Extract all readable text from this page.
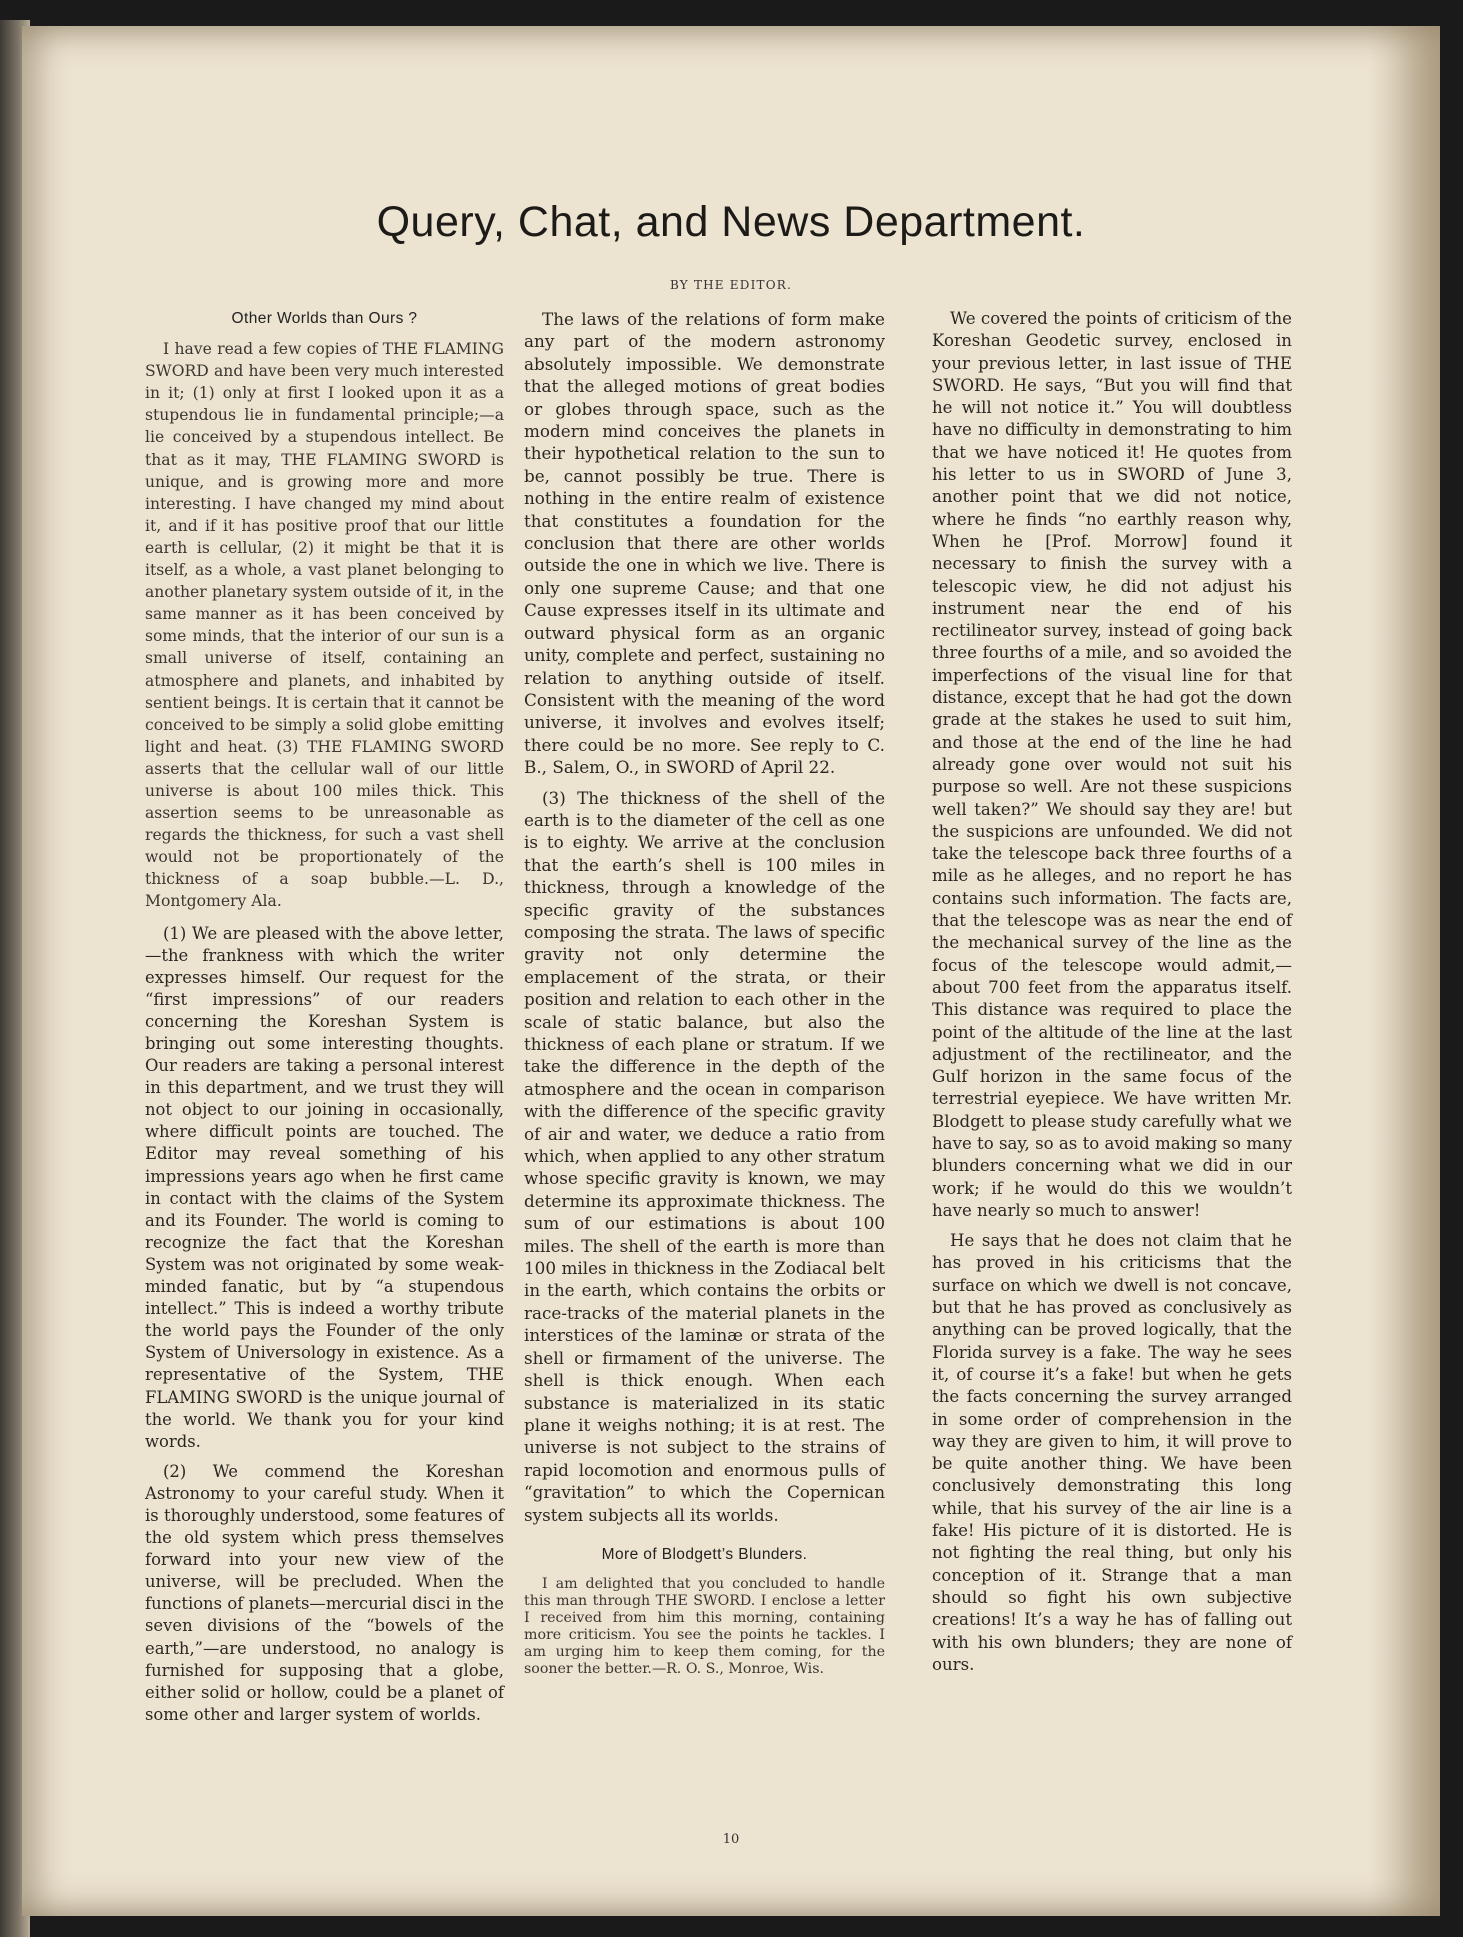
Query, Chat, and News Department.
BY THE EDITOR.
Other Worlds than Ours ?

I have read a few copies of THE FLAMING SWORD and have been very much interested in it; (1) only at first I looked upon it as a stupendous lie in fundamental principle;—a lie conceived by a stupendous intellect. Be that as it may, THE FLAMING SWORD is unique, and is growing more and more interesting. I have changed my mind about it, and if it has positive proof that our little earth is cellular, (2) it might be that it is itself, as a whole, a vast planet belonging to another planetary system outside of it, in the same manner as it has been conceived by some minds, that the interior of our sun is a small universe of itself, containing an atmosphere and planets, and inhabited by sentient beings. It is certain that it cannot be conceived to be simply a solid globe emitting light and heat. (3) THE FLAMING SWORD asserts that the cellular wall of our little universe is about 100 miles thick. This assertion seems to be unreasonable as regards the thickness, for such a vast shell would not be proportionately of the thickness of a soap bubble.—L. D., Montgomery Ala.

(1) We are pleased with the above letter, —the frankness with which the writer expresses himself. Our request for the “first impressions” of our readers concerning the Koreshan System is bringing out some interesting thoughts. Our readers are taking a personal interest in this department, and we trust they will not object to our joining in occasionally, where difficult points are touched. The Editor may reveal something of his impressions years ago when he first came in contact with the claims of the System and its Founder. The world is coming to recognize the fact that the Koreshan System was not originated by some weak-minded fanatic, but by “a stupendous intellect.” This is indeed a worthy tribute the world pays the Founder of the only System of Universology in existence. As a representative of the System, THE FLAMING SWORD is the unique journal of the world. We thank you for your kind words.

(2) We commend the Koreshan Astronomy to your careful study. When it is thoroughly understood, some features of the old system which press themselves forward into your new view of the universe, will be precluded. When the functions of planets—mercurial disci in the seven divisions of the “bowels of the earth,”—are understood, no analogy is furnished for supposing that a globe, either solid or hollow, could be a planet of some other and larger system of worlds.

The laws of the relations of form make any part of the modern astronomy absolutely impossible. We demonstrate that the alleged motions of great bodies or globes through space, such as the modern mind conceives the planets in their hypothetical relation to the sun to be, cannot possibly be true. There is nothing in the entire realm of existence that constitutes a foundation for the conclusion that there are other worlds outside the one in which we live. There is only one supreme Cause; and that one Cause expresses itself in its ultimate and outward physical form as an organic unity, complete and perfect, sustaining no relation to anything outside of itself. Consistent with the meaning of the word universe, it involves and evolves itself; there could be no more. See reply to C. B., Salem, O., in SWORD of April 22.

(3) The thickness of the shell of the earth is to the diameter of the cell as one is to eighty. We arrive at the conclusion that the earth’s shell is 100 miles in thickness, through a knowledge of the specific gravity of the substances composing the strata. The laws of specific gravity not only determine the emplacement of the strata, or their position and relation to each other in the scale of static balance, but also the thickness of each plane or stratum. If we take the difference in the depth of the atmosphere and the ocean in comparison with the difference of the specific gravity of air and water, we deduce a ratio from which, when applied to any other stratum whose specific gravity is known, we may determine its approximate thickness. The sum of our estimations is about 100 miles. The shell of the earth is more than 100 miles in thickness in the Zodiacal belt in the earth, which contains the orbits or race-tracks of the material planets in the interstices of the laminæ or strata of the shell or firmament of the universe. The shell is thick enough. When each substance is materialized in its static plane it weighs nothing; it is at rest. The universe is not subject to the strains of rapid locomotion and enormous pulls of “gravitation” to which the Copernican system subjects all its worlds.

More of Blodgett’s Blunders.

I am delighted that you concluded to handle this man through THE SWORD. I enclose a letter I received from him this morning, containing more criticism. You see the points he tackles. I am urging him to keep them coming, for the sooner the better.—R. O. S., Monroe, Wis.

We covered the points of criticism of the Koreshan Geodetic survey, enclosed in your previous letter, in last issue of THE SWORD. He says, “But you will find that he will not notice it.” You will doubtless have no difficulty in demonstrating to him that we have noticed it! He quotes from his letter to us in SWORD of June 3, another point that we did not notice, where he finds “no earthly reason why, When he [Prof. Morrow] found it necessary to finish the survey with a telescopic view, he did not adjust his instrument near the end of his rectilineator survey, instead of going back three fourths of a mile, and so avoided the imperfections of the visual line for that distance, except that he had got the down grade at the stakes he used to suit him, and those at the end of the line he had already gone over would not suit his purpose so well. Are not these suspicions well taken?” We should say they are! but the suspicions are unfounded. We did not take the telescope back three fourths of a mile as he alleges, and no report he has contains such information. The facts are, that the telescope was as near the end of the mechanical survey of the line as the focus of the telescope would admit,—about 700 feet from the apparatus itself. This distance was required to place the point of the altitude of the line at the last adjustment of the rectilineator, and the Gulf horizon in the same focus of the terrestrial eyepiece. We have written Mr. Blodgett to please study carefully what we have to say, so as to avoid making so many blunders concerning what we did in our work; if he would do this we wouldn’t have nearly so much to answer!

He says that he does not claim that he has proved in his criticisms that the surface on which we dwell is not concave, but that he has proved as conclusively as anything can be proved logically, that the Florida survey is a fake. The way he sees it, of course it’s a fake! but when he gets the facts concerning the survey arranged in some order of comprehension in the way they are given to him, it will prove to be quite another thing. We have been conclusively demonstrating this long while, that his survey of the air line is a fake! His picture of it is distorted. He is not fighting the real thing, but only his conception of it. Strange that a man should so fight his own subjective creations! It’s a way he has of falling out with his own blunders; they are none of ours.

10
